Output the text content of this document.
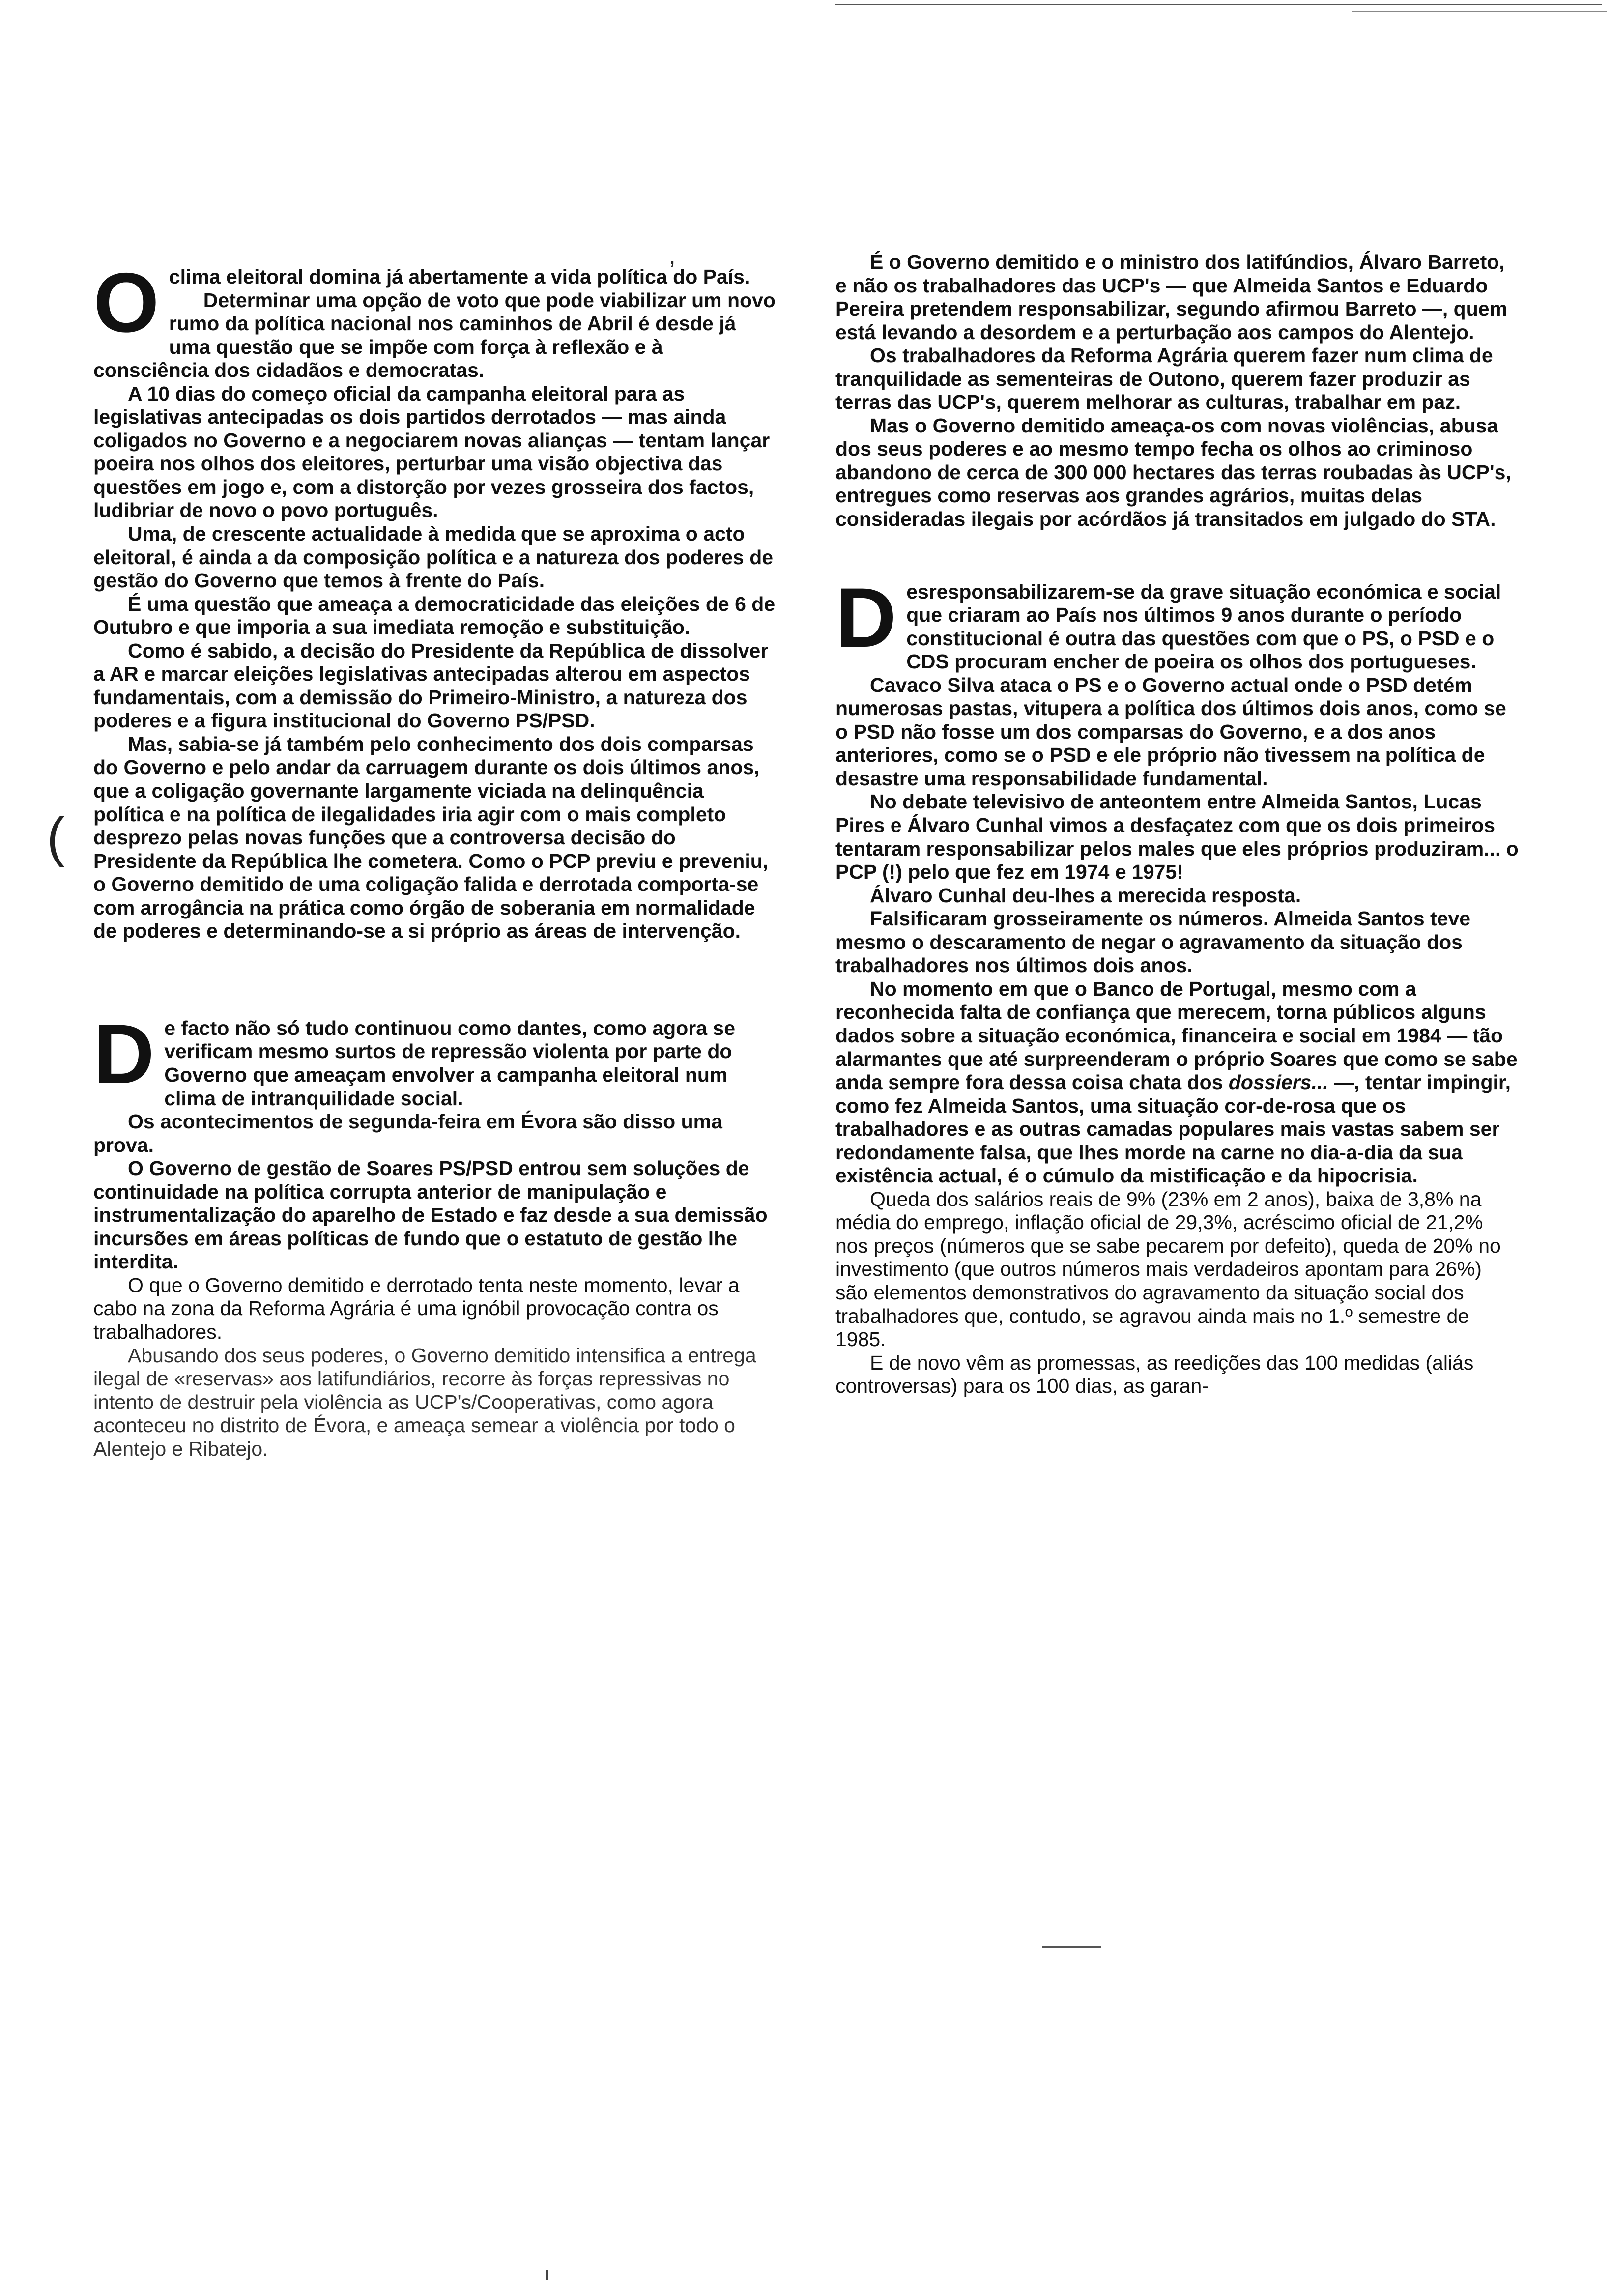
,
(

O clima eleitoral domina já abertamente a vida política do País.

Determinar uma opção de voto que pode viabilizar um novo rumo da política nacional nos caminhos de Abril é desde já uma questão que se impõe com força à reflexão e à consciência dos cidadãos e democratas.

A 10 dias do começo oficial da campanha eleitoral para as legislativas antecipadas os dois partidos derrotados — mas ainda coligados no Governo e a negociarem novas alianças — tentam lançar poeira nos olhos dos eleitores, perturbar uma visão objectiva das questões em jogo e, com a distorção por vezes grosseira dos factos, ludibriar de novo o povo português.

Uma, de crescente actualidade à medida que se aproxima o acto eleitoral, é ainda a da composição política e a natureza dos poderes de gestão do Governo que temos à frente do País.

É uma questão que ameaça a democraticidade das eleições de 6 de Outubro e que imporia a sua imediata remoção e substituição.

Como é sabido, a decisão do Presidente da República de dissolver a AR e marcar eleições legislativas antecipadas alterou em aspectos fundamentais, com a demissão do Primeiro-Ministro, a natureza dos poderes e a figura institucional do Governo PS/PSD.

Mas, sabia-se já também pelo conhecimento dos dois comparsas do Governo e pelo andar da carruagem durante os dois últimos anos, que a coligação governante largamente viciada na delinquência política e na política de ilegalidades iria agir com o mais completo desprezo pelas novas funções que a controversa decisão do Presidente da República lhe cometera. Como o PCP previu e preveniu, o Governo demitido de uma coligação falida e derrotada comporta-se com arrogância na prática como órgão de soberania em normalidade de poderes e determinando-se a si próprio as áreas de intervenção.

D e facto não só tudo continuou como dantes, como agora se verificam mesmo surtos de repressão violenta por parte do Governo que ameaçam envolver a campanha eleitoral num clima de intranquilidade social.

Os acontecimentos de segunda-feira em Évora são disso uma prova.

O Governo de gestão de Soares PS/PSD entrou sem soluções de continuidade na política corrupta anterior de manipulação e instrumentalização do aparelho de Estado e faz desde a sua demissão incursões em áreas políticas de fundo que o estatuto de gestão lhe interdita.

O que o Governo demitido e derrotado tenta neste momento, levar a cabo na zona da Reforma Agrária é uma ignóbil provocação contra os trabalhadores.

Abusando dos seus poderes, o Governo demitido intensifica a entrega ilegal de «reservas» aos latifundiários, recorre às forças repressivas no intento de destruir pela violência as UCP's/Cooperativas, como agora aconteceu no distrito de Évora, e ameaça semear a violência por todo o Alentejo e Ribatejo.

É o Governo demitido e o ministro dos latifúndios, Álvaro Barreto, e não os trabalhadores das UCP's — que Almeida Santos e Eduardo Pereira pretendem responsabilizar, segundo afirmou Barreto —, quem está levando a desordem e a perturbação aos campos do Alentejo.

Os trabalhadores da Reforma Agrária querem fazer num clima de tranquilidade as sementeiras de Outono, querem fazer produzir as terras das UCP's, querem melhorar as culturas, trabalhar em paz.

Mas o Governo demitido ameaça-os com novas violências, abusa dos seus poderes e ao mesmo tempo fecha os olhos ao criminoso abandono de cerca de 300 000 hectares das terras roubadas às UCP's, entregues como reservas aos grandes agrários, muitas delas consideradas ilegais por acórdãos já transitados em julgado do STA.

D esresponsabilizarem-se da grave situação económica e social que criaram ao País nos últimos 9 anos durante o período constitucional é outra das questões com que o PS, o PSD e o CDS procuram encher de poeira os olhos dos portugueses.

Cavaco Silva ataca o PS e o Governo actual onde o PSD detém numerosas pastas, vitupera a política dos últimos dois anos, como se o PSD não fosse um dos comparsas do Governo, e a dos anos anteriores, como se o PSD e ele próprio não tivessem na política de desastre uma responsabilidade fundamental.

No debate televisivo de anteontem entre Almeida Santos, Lucas Pires e Álvaro Cunhal vimos a desfaçatez com que os dois primeiros tentaram responsabilizar pelos males que eles próprios produziram... o PCP (!) pelo que fez em 1974 e 1975!

Álvaro Cunhal deu-lhes a merecida resposta.

Falsificaram grosseiramente os números. Almeida Santos teve mesmo o descaramento de negar o agravamento da situação dos trabalhadores nos últimos dois anos.

No momento em que o Banco de Portugal, mesmo com a reconhecida falta de confiança que merecem, torna públicos alguns dados sobre a situação económica, financeira e social em 1984 — tão alarmantes que até surpreenderam o próprio Soares que como se sabe anda sempre fora dessa coisa chata dos dossiers... —, tentar impingir, como fez Almeida Santos, uma situação cor-de-rosa que os trabalhadores e as outras camadas populares mais vastas sabem ser redondamente falsa, que lhes morde na carne no dia-a-dia da sua existência actual, é o cúmulo da mistificação e da hipocrisia.

Queda dos salários reais de 9% (23% em 2 anos), baixa de 3,8% na média do emprego, inflação oficial de 29,3%, acréscimo oficial de 21,2% nos preços (números que se sabe pecarem por defeito), queda de 20% no investimento (que outros números mais verdadeiros apontam para 26%) são elementos demonstrativos do agravamento da situação social dos trabalhadores que, contudo, se agravou ainda mais no 1.º semestre de 1985.

E de novo vêm as promessas, as reedições das 100 medidas (aliás controversas) para os 100 dias, as garan-
